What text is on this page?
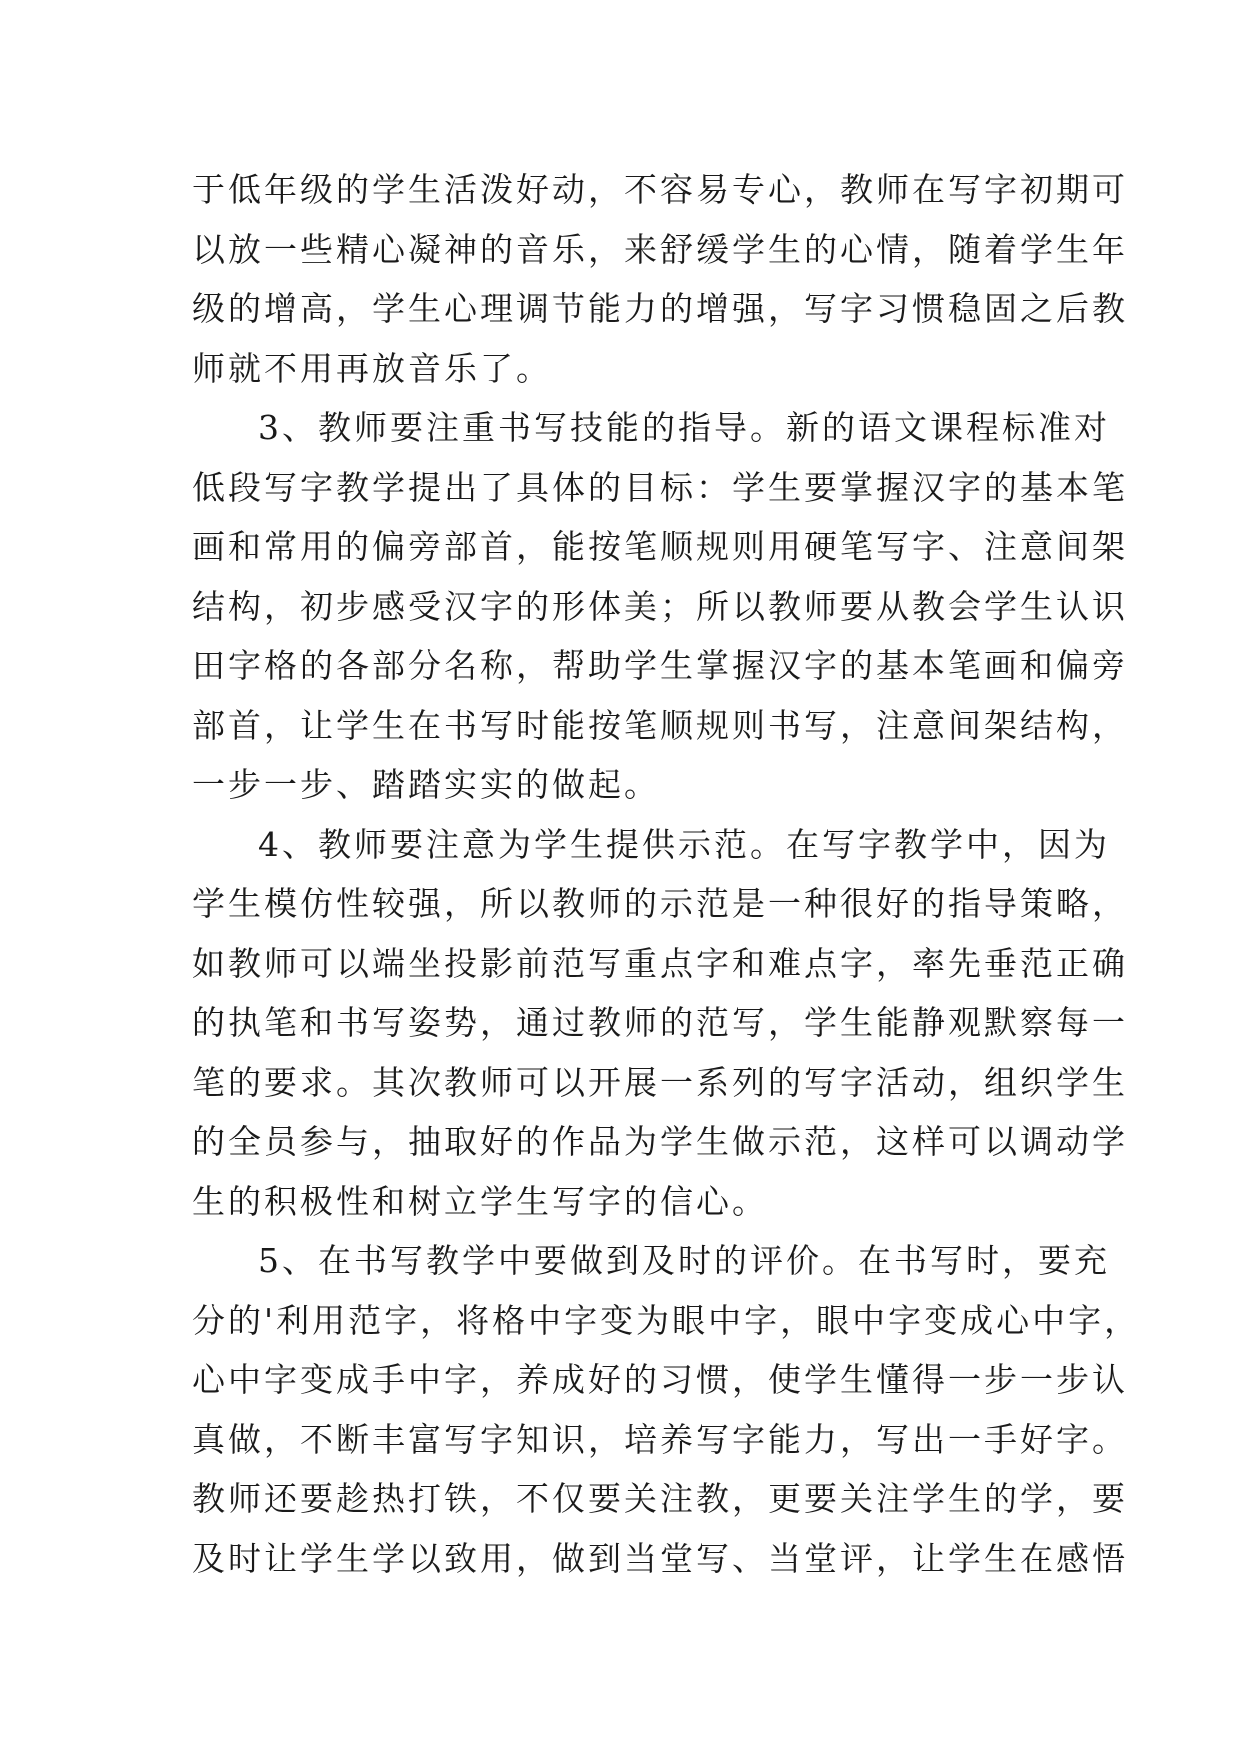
于低年级的学生活泼好动，不容易专心，教师在写字初期可
以放一些精心凝神的音乐，来舒缓学生的心情，随着学生年
级的增高，学生心理调节能力的增强，写字习惯稳固之后教
师就不用再放音乐了。
3、教师要注重书写技能的指导。新的语文课程标准对
低段写字教学提出了具体的目标：学生要掌握汉字的基本笔
画和常用的偏旁部首，能按笔顺规则用硬笔写字、注意间架
结构，初步感受汉字的形体美；所以教师要从教会学生认识
田字格的各部分名称，帮助学生掌握汉字的基本笔画和偏旁
部首，让学生在书写时能按笔顺规则书写，注意间架结构，
一步一步、踏踏实实的做起。
4、教师要注意为学生提供示范。在写字教学中，因为
学生模仿性较强，所以教师的示范是一种很好的指导策略，
如教师可以端坐投影前范写重点字和难点字，率先垂范正确
的执笔和书写姿势，通过教师的范写，学生能静观默察每一
笔的要求。其次教师可以开展一系列的写字活动，组织学生
的全员参与，抽取好的作品为学生做示范，这样可以调动学
生的积极性和树立学生写字的信心。
5、在书写教学中要做到及时的评价。在书写时，要充
分的'利用范字，将格中字变为眼中字，眼中字变成心中字，
心中字变成手中字，养成好的习惯，使学生懂得一步一步认
真做，不断丰富写字知识，培养写字能力，写出一手好字。
教师还要趁热打铁，不仅要关注教，更要关注学生的学，要
及时让学生学以致用，做到当堂写、当堂评，让学生在感悟
